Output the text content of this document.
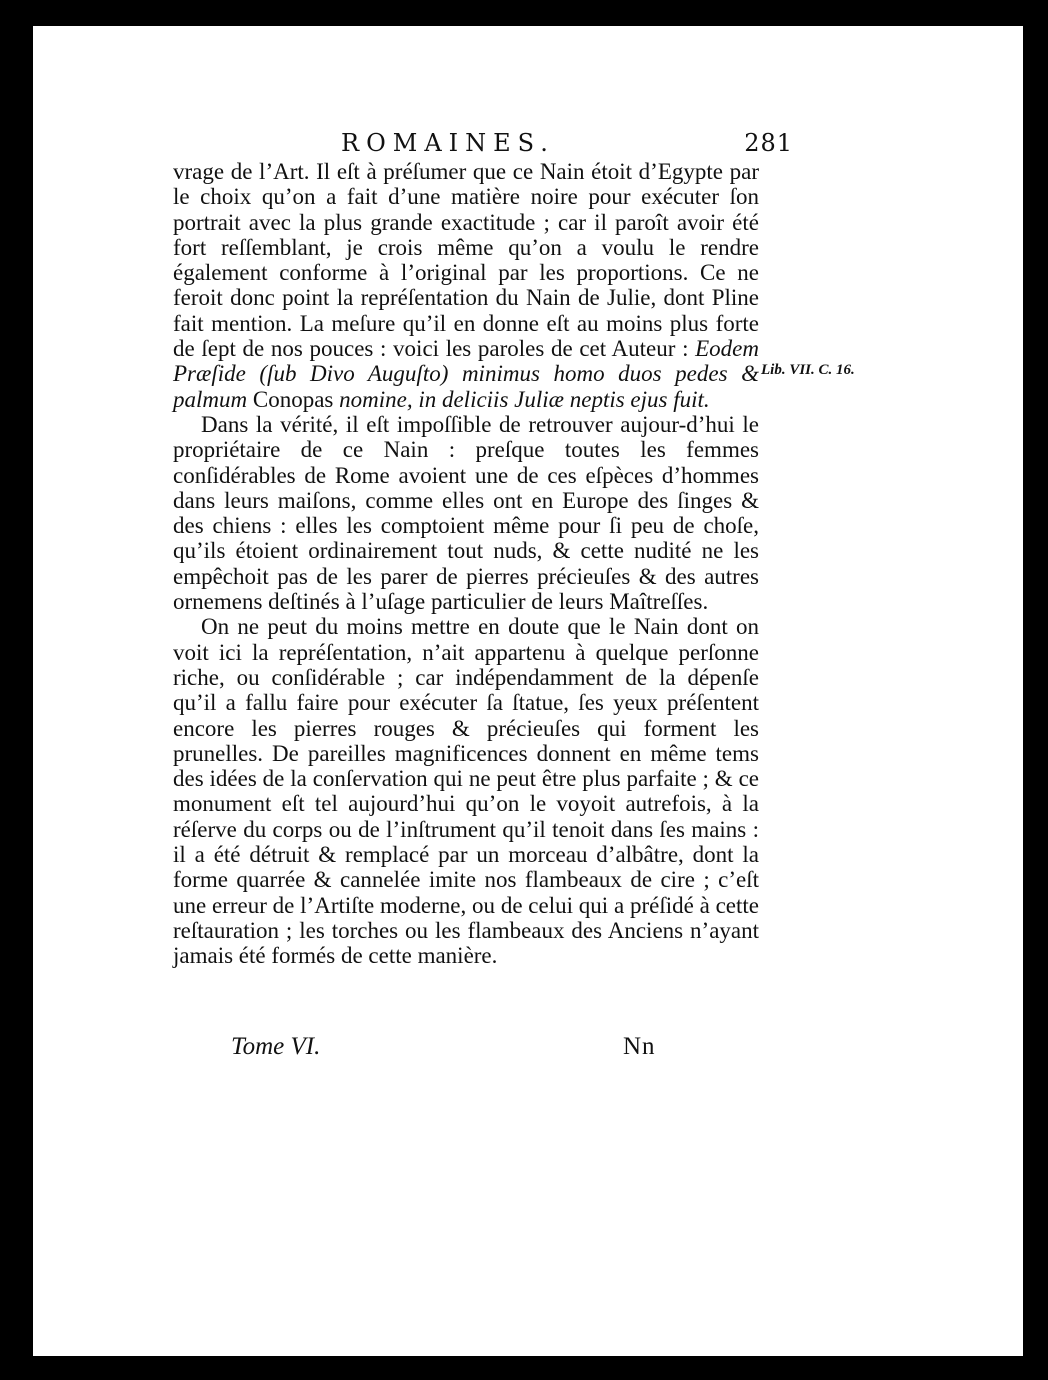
ROMAINES.	281

vrage de l’Art. Il eſt à préſumer que ce Nain étoit d’Egypte par le choix qu’on a fait d’une matière noire pour exécuter ſon portrait avec la plus grande exactitude ; car il paroît avoir été fort reſſemblant, je crois même qu’on a voulu le rendre également conforme à l’original par les proportions. Ce ne feroit donc point la repréſentation du Nain de Julie, dont Pline fait mention. La meſure qu’il en donne eſt au moins plus forte de ſept de nos pouces : voici les paroles de cet Auteur : Eodem Præſide (ſub Divo Auguſto) minimus homo duos pedes & palmum Conopas nomine, in deliciis Juliæ neptis ejus fuit.

Dans la vérité, il eſt impoſſible de retrouver aujour-d’hui le propriétaire de ce Nain : preſque toutes les femmes conſidérables de Rome avoient une de ces eſpèces d’hommes dans leurs maiſons, comme elles ont en Europe des ſinges & des chiens : elles les comptoient même pour ſi peu de choſe, qu’ils étoient ordinairement tout nuds, & cette nudité ne les empêchoit pas de les parer de pierres précieuſes & des autres ornemens deſtinés à l’uſage particulier de leurs Maîtreſſes.

On ne peut du moins mettre en doute que le Nain dont on voit ici la repréſentation, n’ait appartenu à quelque perſonne riche, ou conſidérable ; car indépendamment de la dépenſe qu’il a fallu faire pour exécuter ſa ſtatue, ſes yeux préſentent encore les pierres rouges & précieuſes qui forment les prunelles. De pareilles magnificences donnent en même tems des idées de la conſervation qui ne peut être plus parfaite ; & ce monument eſt tel aujourd’hui qu’on le voyoit autrefois, à la réſerve du corps ou de l’inſtrument qu’il tenoit dans ſes mains : il a été détruit & remplacé par un morceau d’albâtre, dont la forme quarrée & cannelée imite nos flambeaux de cire ; c’eſt une erreur de l’Artiſte moderne, ou de celui qui a préſidé à cette reſtauration ; les torches ou les flambeaux des Anciens n’ayant jamais été formés de cette manière.

Lib. VII. C. 16.
Tome VI.	Nn
